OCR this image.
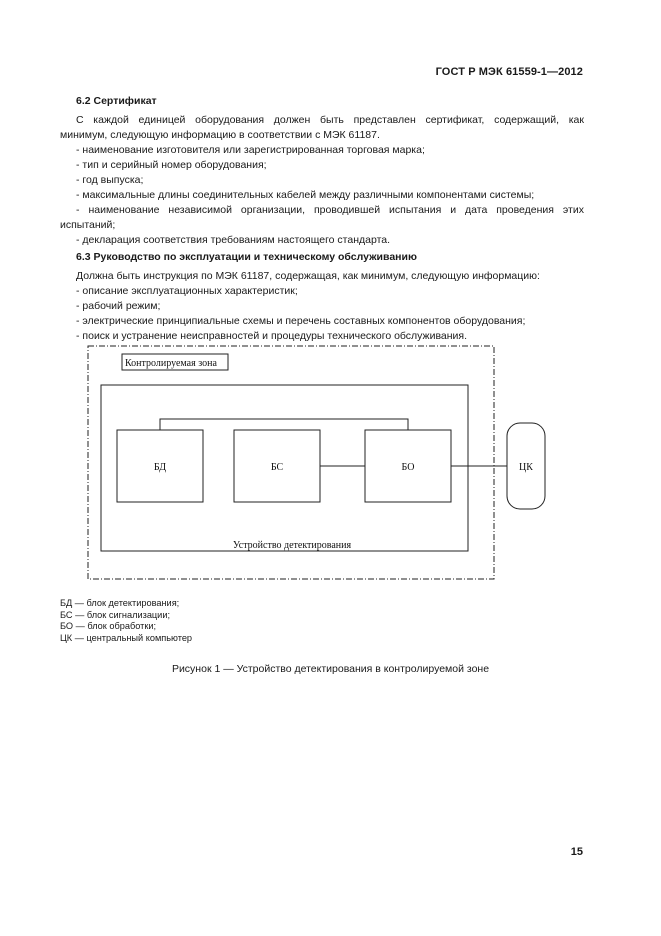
ГОСТ Р МЭК 61559-1—2012
6.2 Сертификат
С каждой единицей оборудования должен быть представлен сертификат, содержащий, как
минимум, следующую информацию в соответствии с МЭК 61187.
- наименование изготовителя или зарегистрированная торговая марка;
- тип и серийный номер оборудования;
- год выпуска;
- максимальные длины соединительных кабелей между различными компонентами системы;
- наименование независимой организации, проводившей испытания и дата проведения этих
испытаний;
- декларация соответствия требованиям настоящего стандарта.
6.3 Руководство по эксплуатации и техническому обслуживанию
Должна быть инструкция по МЭК 61187, содержащая, как минимум, следующую информацию:
- описание эксплуатационных характеристик;
- рабочий режим;
- электрические принципиальные схемы и перечень составных компонентов оборудования;
- поиск и устранение неисправностей и процедуры технического обслуживания.
Контролируемая зона
Устройство детектирования
БД	БС	БО	ЦК
БД — блок детектирования;
БС — блок сигнализации;
БО — блок обработки;
ЦК — центральный компьютер
Рисунок 1 — Устройство детектирования в контролируемой зоне
15
